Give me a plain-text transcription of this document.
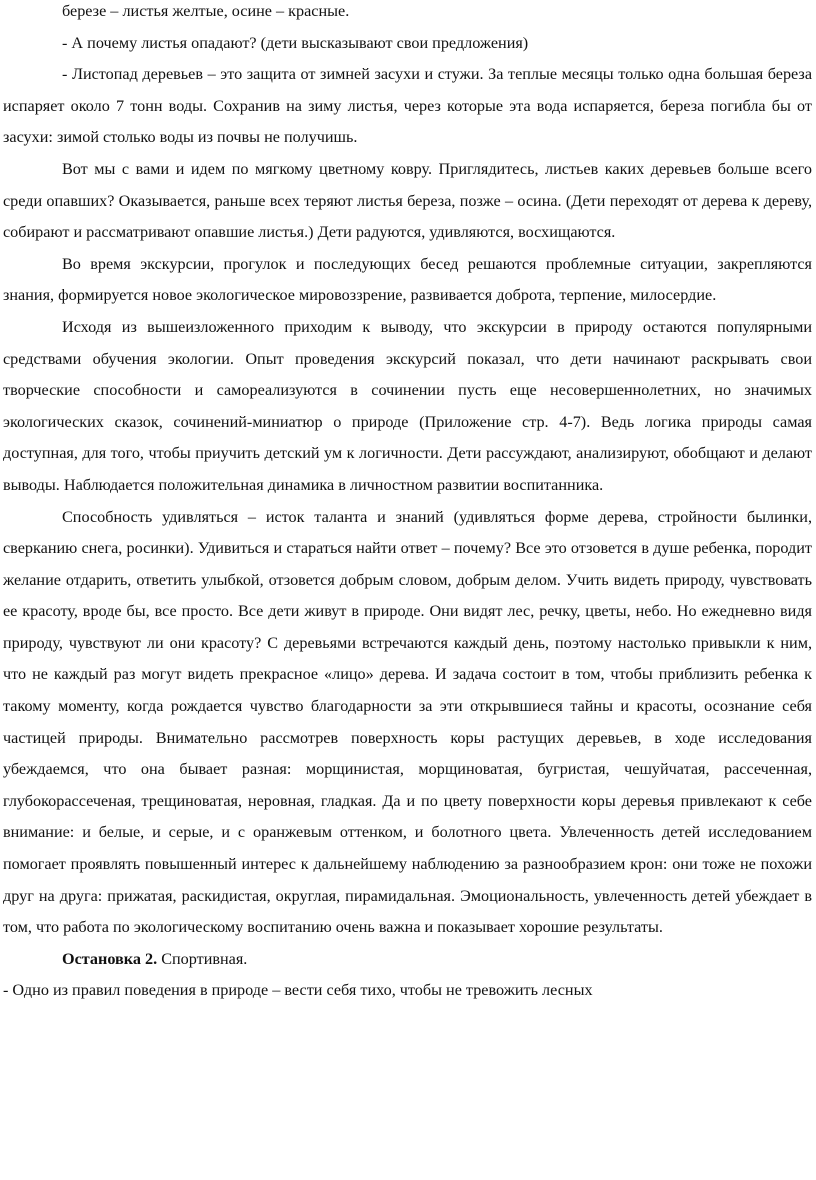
березе – листья желтые, осине – красные.

- А почему листья опадают? (дети высказывают свои предложения)

- Листопад деревьев – это защита от зимней засухи и стужи. За теплые месяцы только одна большая береза испаряет около 7 тонн воды. Сохранив на зиму листья, через которые эта вода испаряется, береза погибла бы от засухи: зимой столько воды из почвы не получишь.

Вот мы с вами и идем по мягкому цветному ковру. Приглядитесь, листьев каких деревьев больше всего среди опавших? Оказывается, раньше всех теряют листья береза, позже – осина. (Дети переходят от дерева к дереву, собирают и рассматривают опавшие листья.) Дети радуются, удивляются, восхищаются.

Во время экскурсии, прогулок и последующих бесед решаются проблемные ситуации, закрепляются знания, формируется новое экологическое мировоззрение, развивается доброта, терпение, милосердие.

Исходя из вышеизложенного приходим к выводу, что экскурсии в природу остаются популярными средствами обучения экологии. Опыт проведения экскурсий показал, что дети начинают раскрывать свои творческие способности и самореализуются в сочинении пусть еще несовершеннолетних, но значимых экологических сказок, сочинений-миниатюр о природе (Приложение стр. 4-7). Ведь логика природы самая доступная, для того, чтобы приучить детский ум к логичности. Дети рассуждают, анализируют, обобщают и делают выводы. Наблюдается положительная динамика в личностном развитии воспитанника.

Способность удивляться – исток таланта и знаний (удивляться форме дерева, стройности былинки, сверканию снега, росинки). Удивиться и стараться найти ответ – почему? Все это отзовется в душе ребенка, породит желание отдарить, ответить улыбкой, отзовется добрым словом, добрым делом. Учить видеть природу, чувствовать ее красоту, вроде бы, все просто. Все дети живут в природе. Они видят лес, речку, цветы, небо. Но ежедневно видя природу, чувствуют ли они красоту? С деревьями встречаются каждый день, поэтому настолько привыкли к ним, что не каждый раз могут видеть прекрасное «лицо» дерева. И задача состоит в том, чтобы приблизить ребенка к такому моменту, когда рождается чувство благодарности за эти открывшиеся тайны и красоты, осознание себя частицей природы. Внимательно рассмотрев поверхность коры растущих деревьев, в ходе исследования убеждаемся, что она бывает разная: морщинистая, морщиноватая, бугристая, чешуйчатая, рассеченная, глубокорассеченая, трещиноватая, неровная, гладкая. Да и по цвету поверхности коры деревья привлекают к себе внимание: и белые, и серые, и с оранжевым оттенком, и болотного цвета. Увлеченность детей исследованием помогает проявлять повышенный интерес к дальнейшему наблюдению за разнообразием крон: они тоже не похожи друг на друга: прижатая, раскидистая, округлая, пирамидальная. Эмоциональность, увлеченность детей убеждает в том, что работа по экологическому воспитанию очень важна и показывает хорошие результаты.

Остановка 2. Спортивная.

- Одно из правил поведения в природе – вести себя тихо, чтобы не тревожить лесных
